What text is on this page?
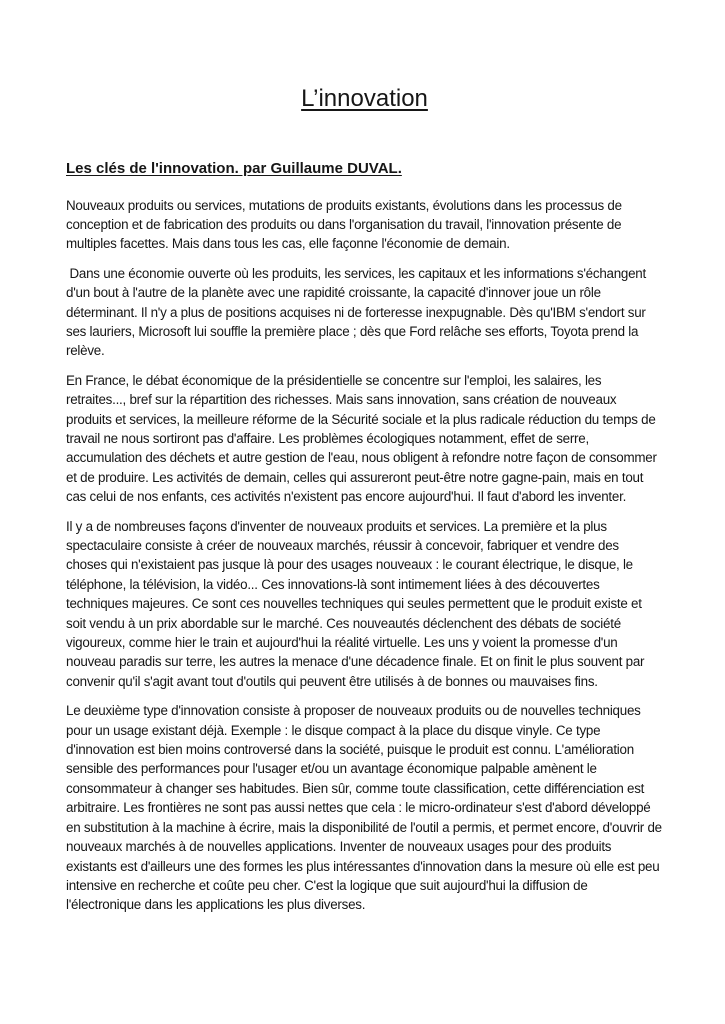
L’innovation
Les clés de l'innovation. par Guillaume DUVAL.

Nouveaux produits ou services, mutations de produits existants, évolutions dans les processus de conception et de fabrication des produits ou dans l'organisation du travail, l'innovation présente de multiples facettes. Mais dans tous les cas, elle façonne l'économie de demain.

Dans une économie ouverte où les produits, les services, les capitaux et les informations s'échangent d'un bout à l'autre de la planète avec une rapidité croissante, la capacité d'innover joue un rôle déterminant. Il n'y a plus de positions acquises ni de forteresse inexpugnable. Dès qu'IBM s'endort sur ses lauriers, Microsoft lui souffle la première place ; dès que Ford relâche ses efforts, Toyota prend la relève.

En France, le débat économique de la présidentielle se concentre sur l'emploi, les salaires, les retraites..., bref sur la répartition des richesses. Mais sans innovation, sans création de nouveaux produits et services, la meilleure réforme de la Sécurité sociale et la plus radicale réduction du temps de travail ne nous sortiront pas d'affaire. Les problèmes écologiques notamment, effet de serre, accumulation des déchets et autre gestion de l'eau, nous obligent à refondre notre façon de consommer et de produire. Les activités de demain, celles qui assureront peut-être notre gagne-pain, mais en tout cas celui de nos enfants, ces activités n'existent pas encore aujourd'hui. Il faut d'abord les inventer.

Il y a de nombreuses façons d'inventer de nouveaux produits et services. La première et la plus spectaculaire consiste à créer de nouveaux marchés, réussir à concevoir, fabriquer et vendre des choses qui n'existaient pas jusque là pour des usages nouveaux : le courant électrique, le disque, le téléphone, la télévision, la vidéo... Ces innovations-là sont intimement liées à des découvertes techniques majeures. Ce sont ces nouvelles techniques qui seules permettent que le produit existe et soit vendu à un prix abordable sur le marché. Ces nouveautés déclenchent des débats de société vigoureux, comme hier le train et aujourd'hui la réalité virtuelle. Les uns y voient la promesse d'un nouveau paradis sur terre, les autres la menace d'une décadence finale. Et on finit le plus souvent par convenir qu'il s'agit avant tout d'outils qui peuvent être utilisés à de bonnes ou mauvaises fins.

Le deuxième type d'innovation consiste à proposer de nouveaux produits ou de nouvelles techniques pour un usage existant déjà. Exemple : le disque compact à la place du disque vinyle. Ce type d'innovation est bien moins controversé dans la société, puisque le produit est connu. L'amélioration sensible des performances pour l'usager et/ou un avantage économique palpable amènent le consommateur à changer ses habitudes. Bien sûr, comme toute classification, cette différenciation est arbitraire. Les frontières ne sont pas aussi nettes que cela : le micro-ordinateur s'est d'abord développé en substitution à la machine à écrire, mais la disponibilité de l'outil a permis, et permet encore, d'ouvrir de nouveaux marchés à de nouvelles applications. Inventer de nouveaux usages pour des produits existants est d'ailleurs une des formes les plus intéressantes d'innovation dans la mesure où elle est peu intensive en recherche et coûte peu cher. C'est la logique que suit aujourd'hui la diffusion de l'électronique dans les applications les plus diverses.
